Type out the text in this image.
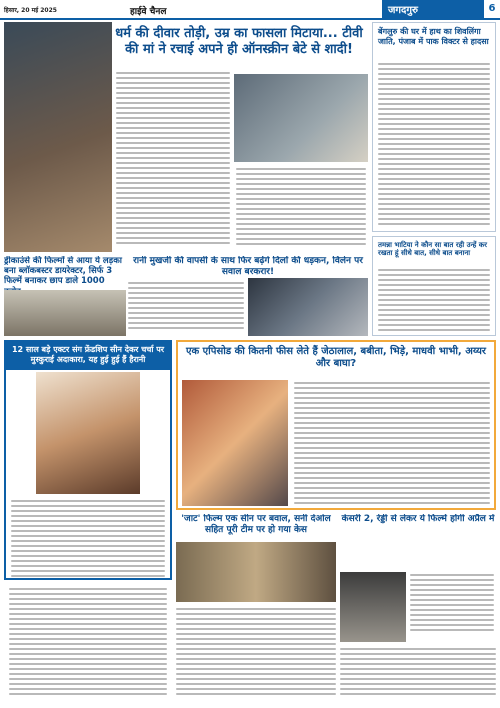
हिसार, 20 मई 2025	हाईवे चैनल	जगदगुरु	6
धर्म की दीवार तोड़ी, उम्र का फासला मिटाया... टीवी की मां ने रचाई अपने ही ऑनस्क्रीन बेटे से शादी!
बेंगलुरु की घर में हाथ का शिवलिंगा जाति, पंजाब में पाक विक्टर से हादसा
तमन्ना भाटिया ने कौन सा बात रही उन्हें कर रखता हूं सीधे बात, सीधे बात बनाना
ड्रीकाउंसे की फिल्मों से आया ये लड़का बना ब्लॉकबस्टर डायरेक्टर, सिर्फ 3 फिल्में बनाकर छाप डाले 1000
रानी मुखर्जी की वापसी के साथ फिर बढ़ेंगे दिलों की धड़कन, विलेन पर सवाल बरकरार!
12 साल बड़े एक्टर संग फ्रेंडशिप सीन देकर चर्चा पर मुस्कुराई अदाकारा, यह हुई हुई हैं हैरानी
एक एपिसोड की कितनी फीस लेते हैं जेठालाल, बबीता, भिड़े, माधवी भाभी, अय्यर और बाघा?
'जाट' फिल्म एक सीन पर बवाल, सनी देओल सहित पूरी टीम पर हो गया केस
केसरी 2, रेड्डी से लेकर ये फिल्में होंगी अप्रैल में
